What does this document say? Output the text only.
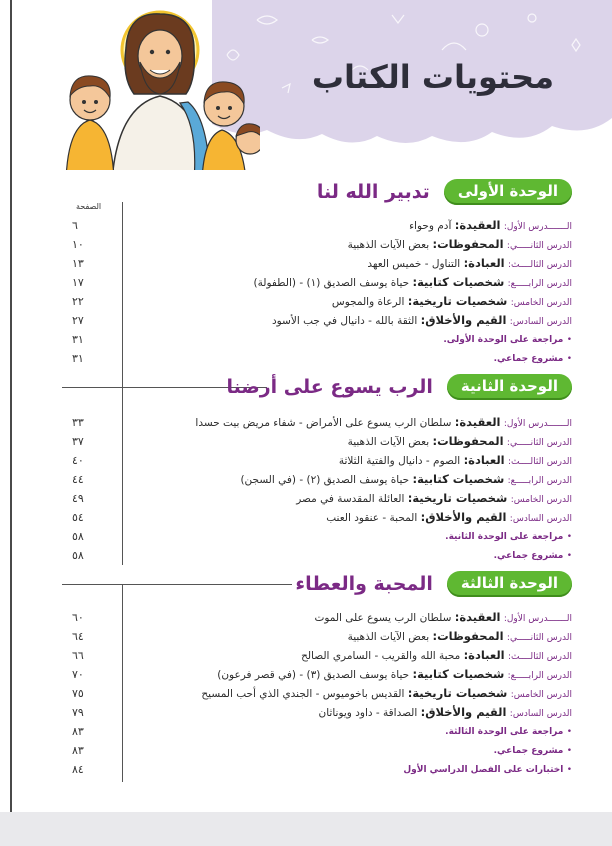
محتويات الكتاب
الوحدة الأولى
تدبير الله لنا
الصفحة
الـــــــدرس الأول: العقيدة: آدم وحواء
٦
الدرس الثانـــــي: المحفوظات: بعض الآيات الذهبية
١٠
الدرس الثالــــث: العبادة: التناول - خميس العهد
١٣
الدرس الرابـــــع: شخصيات كتابية: حياة يوسف الصديق (١) - (الطفولة)
١٧
الدرس الخامس: شخصيات تاريخية: الرعاة والمجوس
٢٢
الدرس السادس: القيم والأخلاق: الثقة بالله - دانيال في جب الأسود
٢٧
• مراجعة على الوحدة الأولى.
٣١
• مشروع جماعي.
٣١
الوحدة الثانية
الرب يسوع على أرضنا
الـــــــدرس الأول: العقيدة: سلطان الرب يسوع على الأمراض - شفاء مريض بيت حسدا
٣٣
الدرس الثانـــــي: المحفوظات: بعض الآيات الذهبية
٣٧
الدرس الثالــــث: العبادة: الصوم - دانيال والفتية الثلاثة
٤٠
الدرس الرابـــــع: شخصيات كتابية: حياة يوسف الصديق (٢) - (في السجن)
٤٤
الدرس الخامس: شخصيات تاريخية: العائلة المقدسة في مصر
٤٩
الدرس السادس: القيم والأخلاق: المحبة - عنقود العنب
٥٤
• مراجعة على الوحدة الثانية.
٥٨
• مشروع جماعي.
٥٨
الوحدة الثالثة
المحبة والعطاء
الـــــــدرس الأول: العقيدة: سلطان الرب يسوع على الموت
٦٠
الدرس الثانـــــي: المحفوظات: بعض الآيات الذهبية
٦٤
الدرس الثالــــث: العبادة: محبة الله والقريب - السامري الصالح
٦٦
الدرس الرابـــــع: شخصيات كتابية: حياة يوسف الصديق (٣) - (في قصر فرعون)
٧٠
الدرس الخامس: شخصيات تاريخية: القديس باخوميوس - الجندي الذي أحب المسيح
٧٥
الدرس السادس: القيم والأخلاق: الصداقة - داود ويوناثان
٧٩
• مراجعة على الوحدة الثالثة.
٨٣
• مشروع جماعي.
٨٣
• اختبارات على الفصل الدراسي الأول
٨٤
